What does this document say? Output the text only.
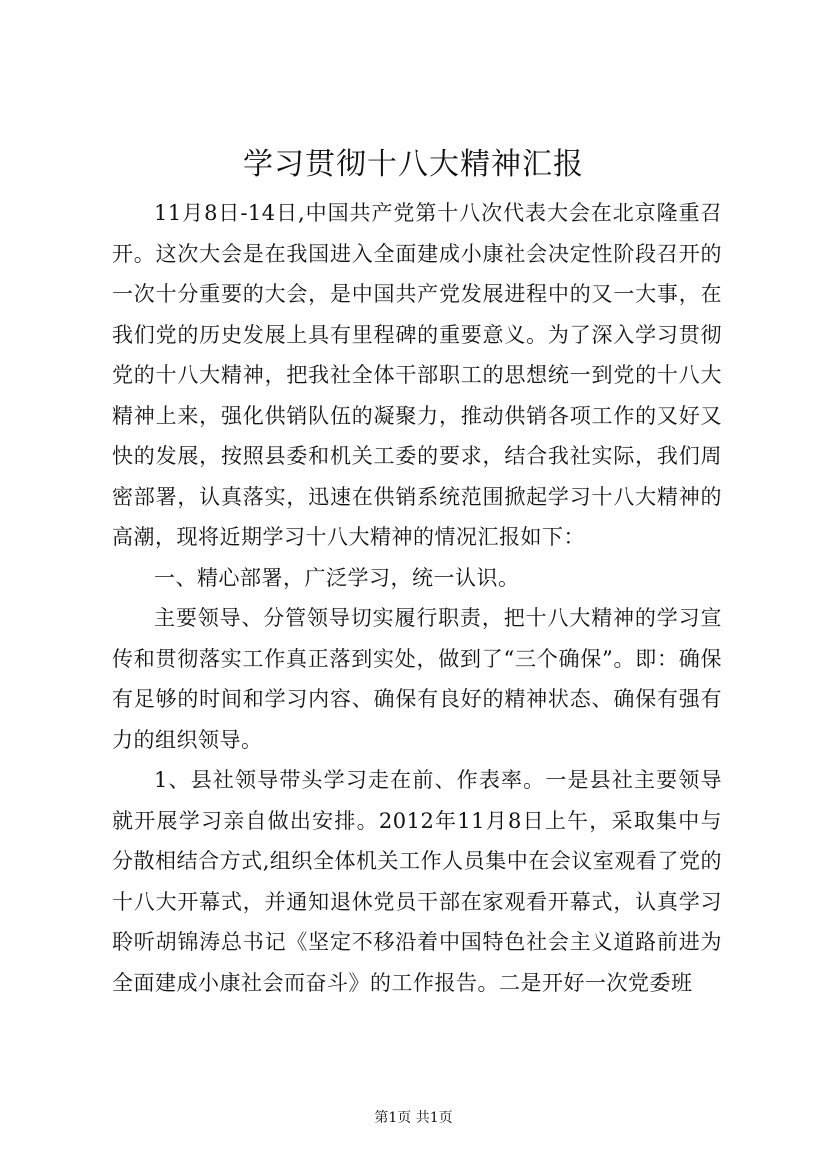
学习贯彻十八大精神汇报

11月8日-14日,中国共产党第十八次代表大会在北京隆重召开。这次大会是在我国进入全面建成小康社会决定性阶段召开的一次十分重要的大会，是中国共产党发展进程中的又一大事，在我们党的历史发展上具有里程碑的重要意义。为了深入学习贯彻党的十八大精神，把我社全体干部职工的思想统一到党的十八大精神上来，强化供销队伍的凝聚力，推动供销各项工作的又好又快的发展，按照县委和机关工委的要求，结合我社实际，我们周密部署，认真落实，迅速在供销系统范围掀起学习十八大精神的高潮，现将近期学习十八大精神的情况汇报如下：

一、精心部署，广泛学习，统一认识。

主要领导、分管领导切实履行职责，把十八大精神的学习宣传和贯彻落实工作真正落到实处，做到了“三个确保”。即：确保有足够的时间和学习内容、确保有良好的精神状态、确保有强有力的组织领导。

1、县社领导带头学习走在前、作表率。一是县社主要领导就开展学习亲自做出安排。2012年11月8日上午，采取集中与分散相结合方式,组织全体机关工作人员集中在会议室观看了党的十八大开幕式，并通知退休党员干部在家观看开幕式，认真学习聆听胡锦涛总书记《坚定不移沿着中国特色社会主义道路前进为全面建成小康社会而奋斗》的工作报告。二是开好一次党委班

第1页 共1页
